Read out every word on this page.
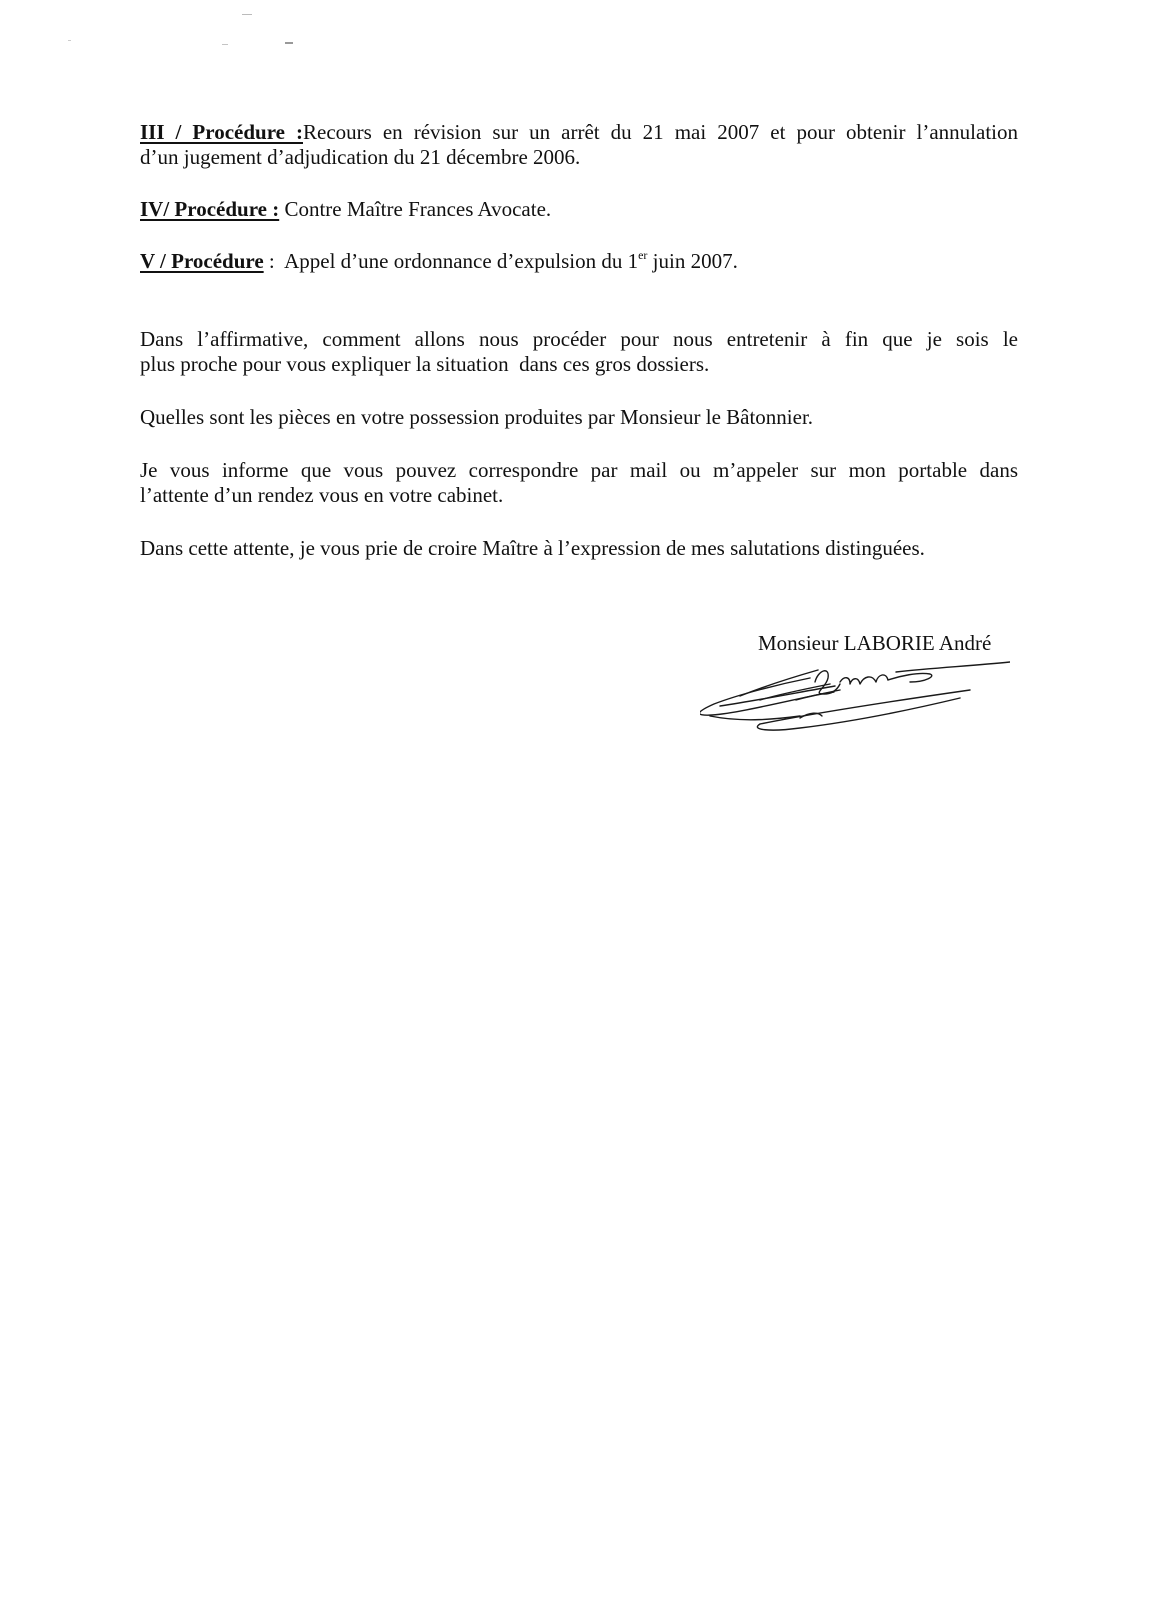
III / Procédure :Recours en révision sur un arrêt du 21 mai 2007 et pour obtenir l’annulation
d’un jugement d’adjudication du 21 décembre 2006.
IV/ Procédure : Contre Maître Frances Avocate.
V / Procédure :  Appel d’une ordonnance d’expulsion du 1er juin 2007.
Dans l’affirmative, comment allons nous procéder pour nous entretenir à fin que je sois le
plus proche pour vous expliquer la situation  dans ces gros dossiers.
Quelles sont les pièces en votre possession produites par Monsieur le Bâtonnier.
Je vous informe que vous pouvez correspondre par mail ou m’appeler sur mon portable dans
l’attente d’un rendez vous en votre cabinet.
Dans cette attente, je vous prie de croire Maître à l’expression de mes salutations distinguées.
Monsieur LABORIE André
